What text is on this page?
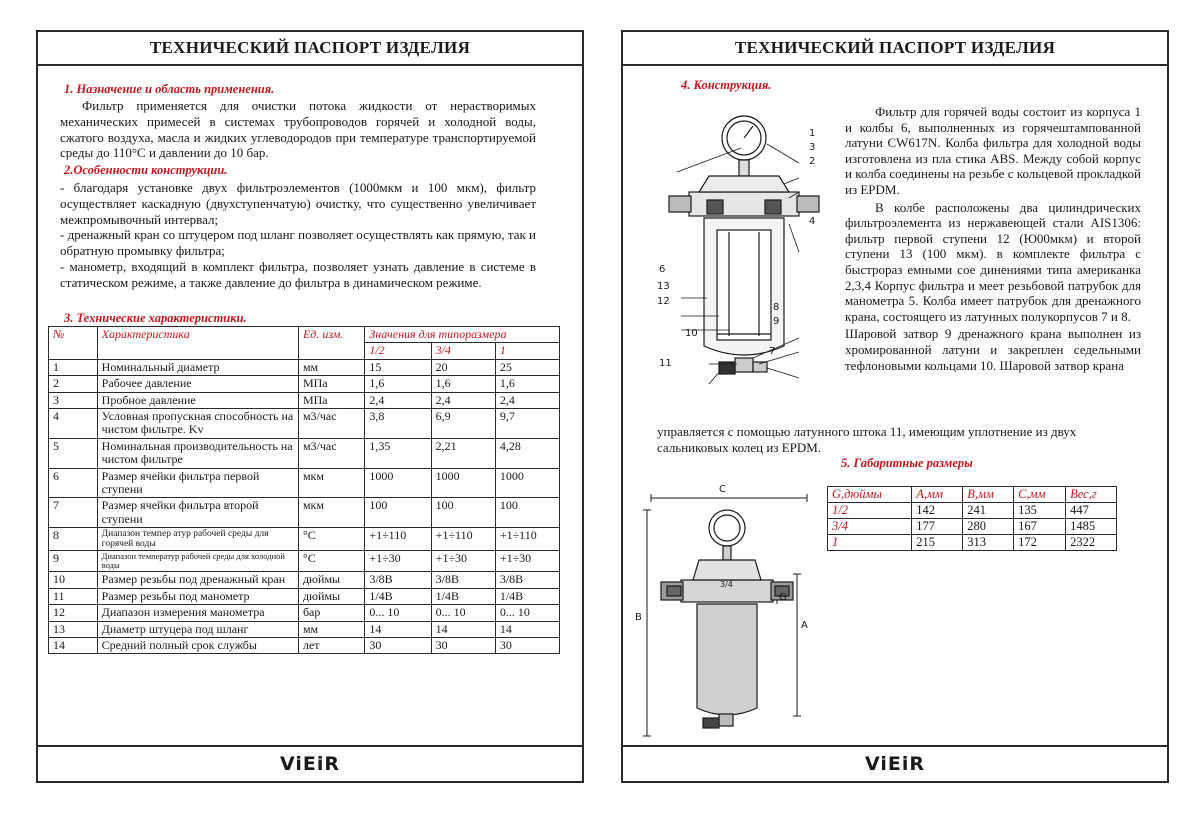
ТЕХНИЧЕСКИЙ ПАСПОРТ ИЗДЕЛИЯ
1. Назначение и область применения.

Фильтр применяется для очистки потока жидкости от нерастворимых механических примесей в системах трубопроводов горячей и холодной воды, сжатого воздуха, масла и жидких углеводородов при температуре транспортируемой среды до 110°С и давлении до 10 бар.

2.Особенности конструкции.

- благодаря установке двух фильтроэлементов (1000мкм и 100 мкм), фильтр осуществляет каскадную (двухступенчатую) очистку, что существенно увеличивает межпромывочный интервал;

- дренажный кран со штуцером под шланг позволяет осуществлять как прямую, так и обратную промывку фильтра;

- манометр, входящий в комплект фильтра, позволяет узнать давление в системе в статическом режиме, а также давление до фильтра в динамическом режиме.

3. Технические характеристики.
№	Характеристика	Ед. изм.	Значения для типоразмера		
			1/2	3/4	1
1	Номинальный диаметр	мм	15	20	25
2	Рабочее давление	МПа	1,6	1,6	1,6
3	Пробное давление	МПа	2,4	2,4	2,4
4	Условная пропускная способность на чистом фильтре. Kv	м3/час	3,8	6,9	9,7
5	Номинальная производительность на чистом фильтре	м3/час	1,35	2,21	4,28
6	Размер ячейки фильтра первой ступени	мкм	1000	1000	1000
7	Размер ячейки фильтра второй ступени	мкм	100	100	100
8	Диапазон темпер атур рабочей среды для горячей воды	°С	+1÷110	+1÷110	+1÷110
9	Диапазон температур рабочей среды для холодной воды	°С	+1÷30	+1÷30	+1÷30
10	Размер резьбы под дренажный кран	дюймы	3/8В	3/8В	3/8В
11	Размер резьбы под манометр	дюймы	1/4В	1/4В	1/4В
12	Диапазон измерения манометра	бар	0... 10	0... 10	0... 10
13	Диаметр штуцера под шланг	мм	14	14	14
14	Средний полный срок службы	лет	30	30	30
ViEiR
ТЕХНИЧЕСКИЙ ПАСПОРТ ИЗДЕЛИЯ
4. Конструкция.
1
3
2
4
6
13
12
8
9
10
7
11

Фильтр для горячей воды состоит из корпуса 1 и колбы 6, выполненных из горячештампованной латуни CW617N. Колба фильтра для холодной воды изготовлена из пла стика ABS. Между собой корпус и колба соединены на резьбе с кольцевой прокладкой из EPDM.

В колбе расположены два цилиндрических фильтроэлемента из нержавеющей стали AIS1306: фильтр первой ступени 12 (Ю00мкм) и второй ступени 13 (100 мкм). в комплекте фильтра с быстрораз емными сое динениями типа американка 2,3,4 Корпус фильтра и меет резьбовой патрубок для манометра 5. Колба имеет патрубок для дренажного крана, состоящего из латунных полукорпусов 7 и 8.

Шаровой затвор 9 дренажного крана выполнен из хромированной латуни и закреплен седельными тефлоновыми кольцами 10. Шаровой затвор крана

управляется с помощью латунного штока 11, имеющим уплотнение из двух сальниковых колец из EPDM.
5. Габаритные размеры
C
B
A
G
3/4
G,дюймы	А,мм	В,мм	С,мм	Вес,г
1/2	142	241	135	447
3/4	177	280	167	1485
1	215	313	172	2322
ViEiR
